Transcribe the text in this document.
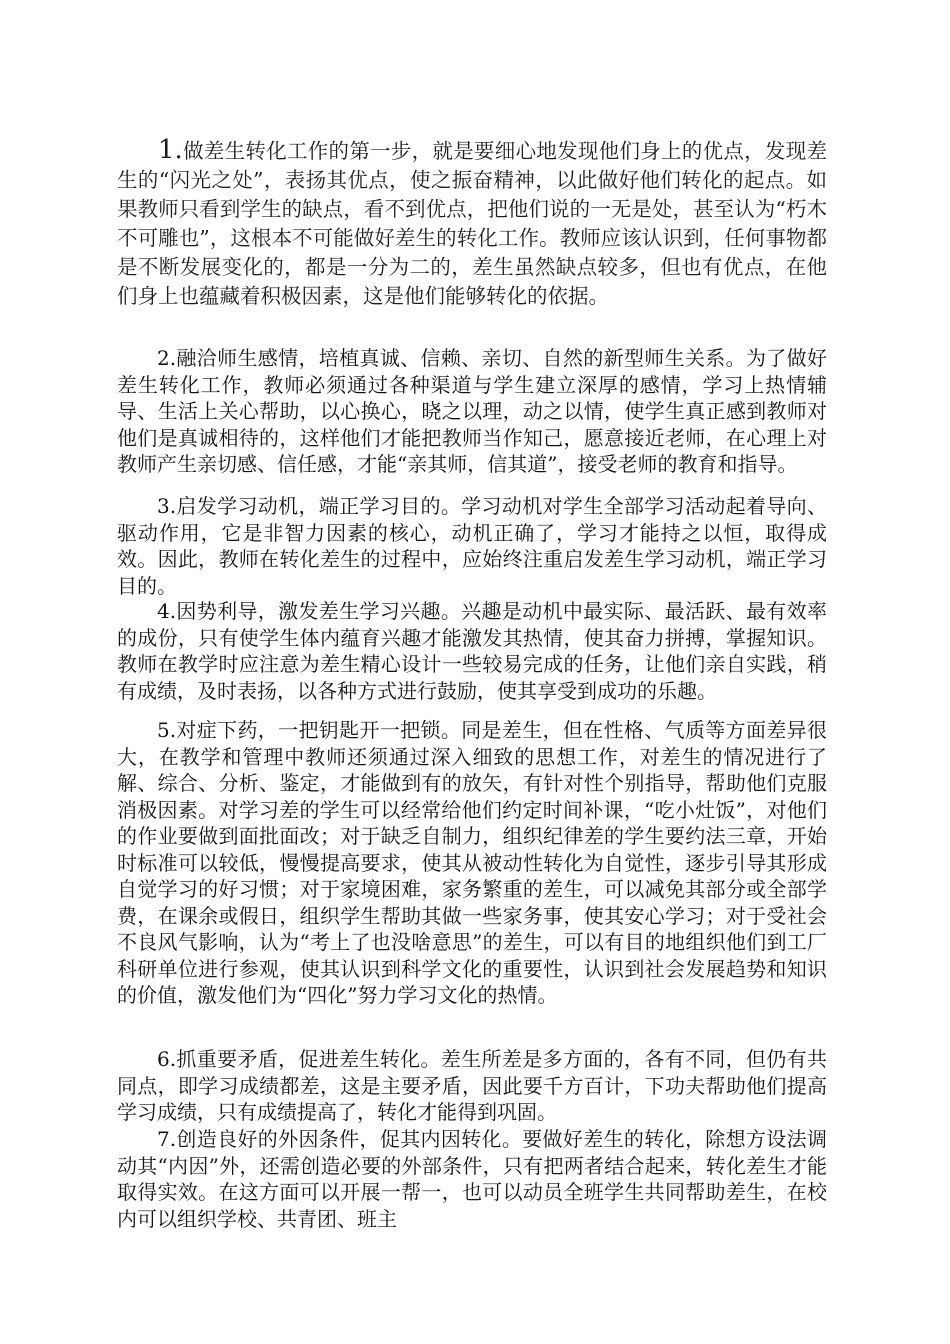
1.做差生转化工作的第一步，就是要细心地发现他们身上的优点，发现差生的“闪光之处”，表扬其优点，使之振奋精神，以此做好他们转化的起点。如果教师只看到学生的缺点，看不到优点，把他们说的一无是处，甚至认为“朽木不可雕也”，这根本不可能做好差生的转化工作。教师应该认识到，任何事物都是不断发展变化的，都是一分为二的，差生虽然缺点较多，但也有优点，在他们身上也蕴藏着积极因素，这是他们能够转化的依据。

2.融洽师生感情，培植真诚、信赖、亲切、自然的新型师生关系。为了做好差生转化工作，教师必须通过各种渠道与学生建立深厚的感情，学习上热情辅导、生活上关心帮助，以心换心，晓之以理，动之以情，使学生真正感到教师对他们是真诚相待的，这样他们才能把教师当作知己，愿意接近老师，在心理上对教师产生亲切感、信任感，才能“亲其师，信其道”，接受老师的教育和指导。

3.启发学习动机，端正学习目的。学习动机对学生全部学习活动起着导向、驱动作用，它是非智力因素的核心，动机正确了，学习才能持之以恒，取得成效。因此，教师在转化差生的过程中，应始终注重启发差生学习动机，端正学习目的。

4.因势利导，激发差生学习兴趣。兴趣是动机中最实际、最活跃、最有效率的成份，只有使学生体内蕴育兴趣才能激发其热情，使其奋力拼搏，掌握知识。教师在教学时应注意为差生精心设计一些较易完成的任务，让他们亲自实践，稍有成绩，及时表扬，以各种方式进行鼓励，使其享受到成功的乐趣。

5.对症下药，一把钥匙开一把锁。同是差生，但在性格、气质等方面差异很大，在教学和管理中教师还须通过深入细致的思想工作，对差生的情况进行了解、综合、分析、鉴定，才能做到有的放矢，有针对性个别指导，帮助他们克服消极因素。对学习差的学生可以经常给他们约定时间补课，“吃小灶饭”，对他们的作业要做到面批面改；对于缺乏自制力，组织纪律差的学生要约法三章，开始时标准可以较低，慢慢提高要求，使其从被动性转化为自觉性，逐步引导其形成自觉学习的好习惯；对于家境困难，家务繁重的差生，可以减免其部分或全部学费，在课余或假日，组织学生帮助其做一些家务事，使其安心学习；对于受社会不良风气影响，认为“考上了也没啥意思”的差生，可以有目的地组织他们到工厂科研单位进行参观，使其认识到科学文化的重要性，认识到社会发展趋势和知识的价值，激发他们为“四化”努力学习文化的热情。

6.抓重要矛盾，促进差生转化。差生所差是多方面的，各有不同，但仍有共同点，即学习成绩都差，这是主要矛盾，因此要千方百计，下功夫帮助他们提高学习成绩，只有成绩提高了，转化才能得到巩固。

7.创造良好的外因条件，促其内因转化。要做好差生的转化，除想方设法调动其“内因”外，还需创造必要的外部条件，只有把两者结合起来，转化差生才能取得实效。在这方面可以开展一帮一，也可以动员全班学生共同帮助差生，在校内可以组织学校、共青团、班主
